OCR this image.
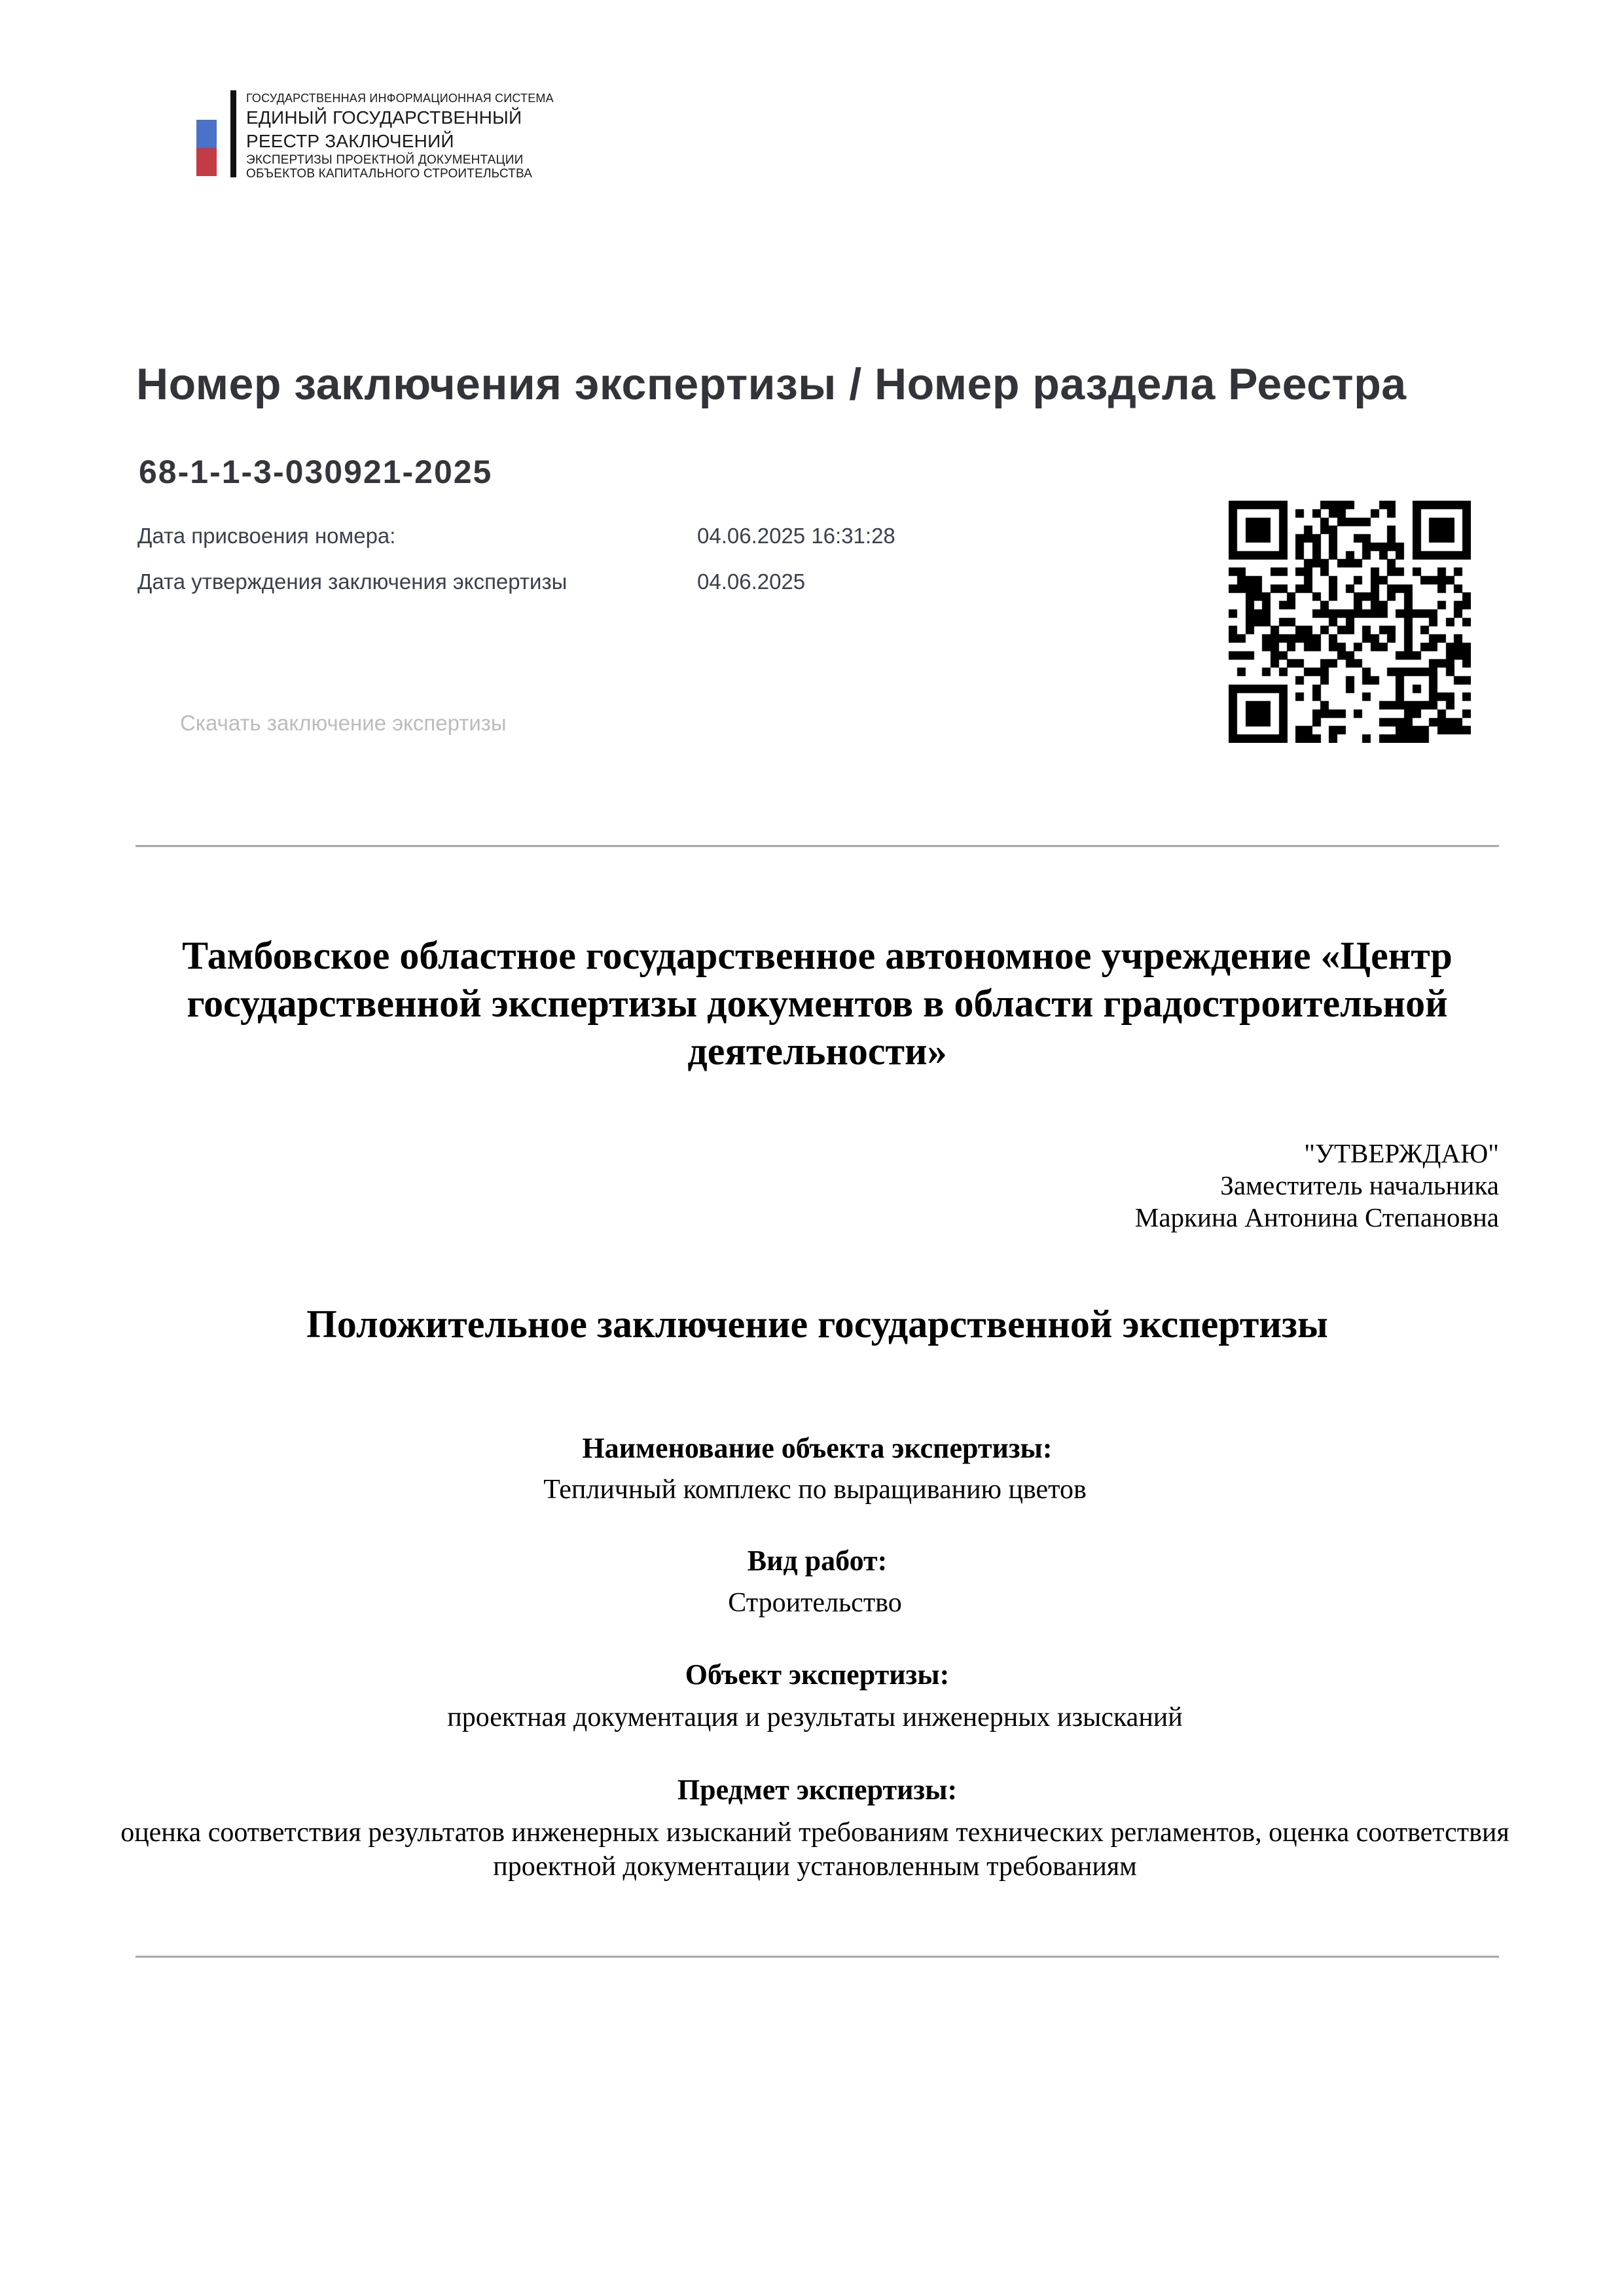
ГОСУДАРСТВЕННАЯ ИНФОРМАЦИОННАЯ СИСТЕМА
ЕДИНЫЙ ГОСУДАРСТВЕННЫЙ
РЕЕСТР ЗАКЛЮЧЕНИЙ
ЭКСПЕРТИЗЫ ПРОЕКТНОЙ ДОКУМЕНТАЦИИ
ОБЪЕКТОВ КАПИТАЛЬНОГО СТРОИТЕЛЬСТВА
Номер заключения экспертизы / Номер раздела Реестра
68-1-1-3-030921-2025
Дата присвоения номера:	04.06.2025 16:31:28
Дата утверждения заключения экспертизы	04.06.2025
Скачать заключение экспертизы
Тамбовское областное государственное автономное учреждение «Центр государственной экспертизы документов в области градостроительной деятельности»
"УТВЕРЖДАЮ"
Заместитель начальника
Маркина Антонина Степановна
Положительное заключение государственной экспертизы
Наименование объекта экспертизы:
Тепличный комплекс по выращиванию цветов
Вид работ:
Строительство
Объект экспертизы:
проектная документация и результаты инженерных изысканий
Предмет экспертизы:
оценка соответствия результатов инженерных изысканий требованиям технических регламентов, оценка соответствия проектной документации установленным требованиям
